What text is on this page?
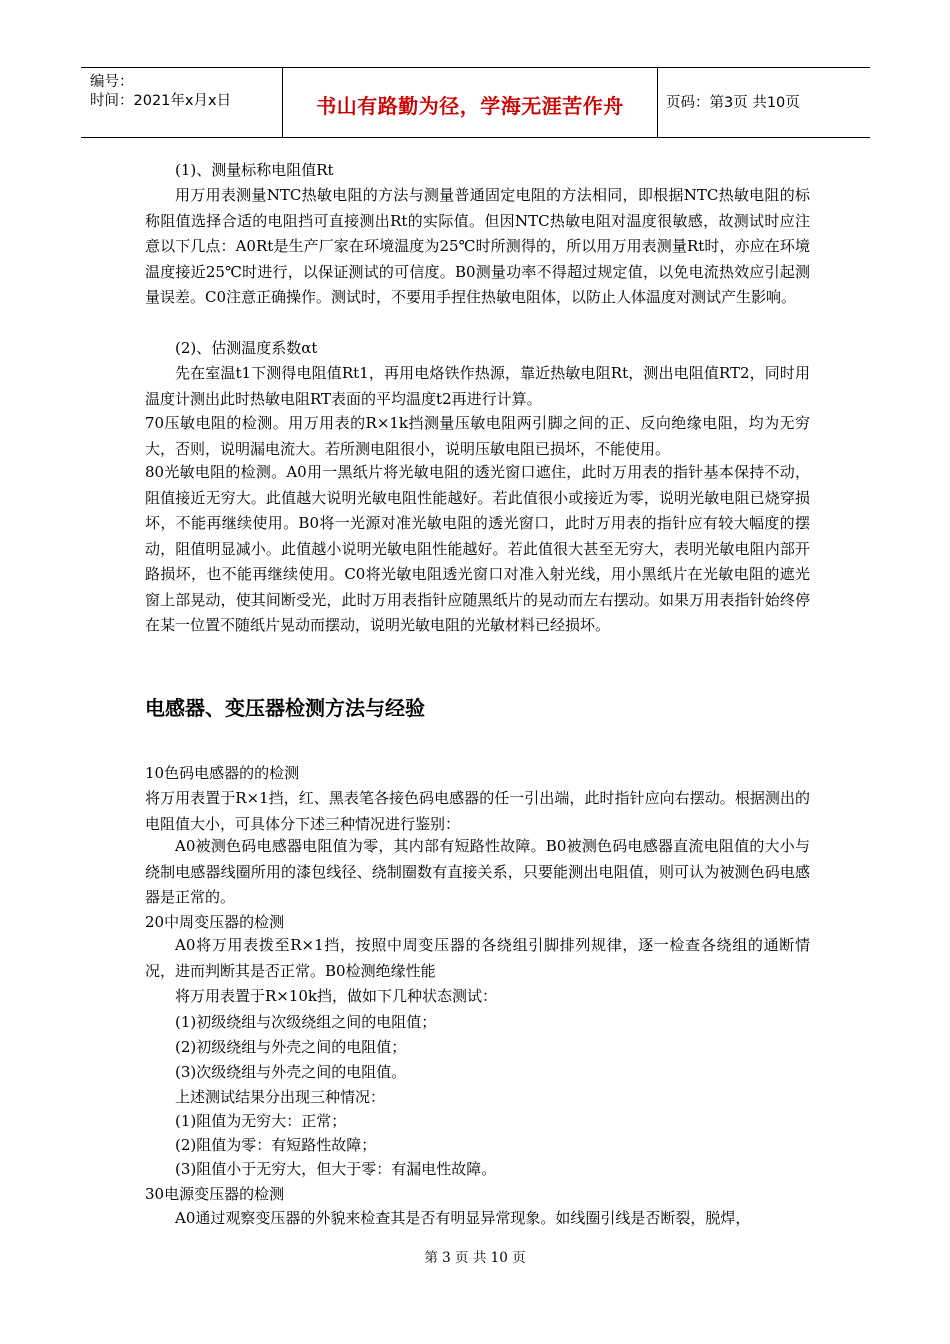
编号：
时间：2021年x月x日	书山有路勤为径，学海无涯苦作舟	页码：第3页 共10页

(1)、测量标称电阻值Rt

用万用表测量NTC热敏电阻的方法与测量普通固定电阻的方法相同，即根据NTC热敏电阻的标称阻值选择合适的电阻挡可直接测出Rt的实际值。但因NTC热敏电阻对温度很敏感，故测试时应注意以下几点：A0Rt是生产厂家在环境温度为25℃时所测得的，所以用万用表测量Rt时，亦应在环境温度接近25℃时进行，以保证测试的可信度。B0测量功率不得超过规定值，以免电流热效应引起测量误差。C0注意正确操作。测试时，不要用手捏住热敏电阻体，以防止人体温度对测试产生影响。

(2)、估测温度系数αt

先在室温t1下测得电阻值Rt1，再用电烙铁作热源，靠近热敏电阻Rt，测出电阻值RT2，同时用温度计测出此时热敏电阻RT表面的平均温度t2再进行计算。

70压敏电阻的检测。用万用表的R×1k挡测量压敏电阻两引脚之间的正、反向绝缘电阻，均为无穷大，否则，说明漏电流大。若所测电阻很小，说明压敏电阻已损坏，不能使用。

80光敏电阻的检测。A0用一黑纸片将光敏电阻的透光窗口遮住，此时万用表的指针基本保持不动，阻值接近无穷大。此值越大说明光敏电阻性能越好。若此值很小或接近为零，说明光敏电阻已烧穿损坏，不能再继续使用。B0将一光源对准光敏电阻的透光窗口，此时万用表的指针应有较大幅度的摆动，阻值明显减小。此值越小说明光敏电阻性能越好。若此值很大甚至无穷大，表明光敏电阻内部开路损坏，也不能再继续使用。C0将光敏电阻透光窗口对准入射光线，用小黑纸片在光敏电阻的遮光窗上部晃动，使其间断受光，此时万用表指针应随黑纸片的晃动而左右摆动。如果万用表指针始终停在某一位置不随纸片晃动而摆动，说明光敏电阻的光敏材料已经损坏。

电感器、变压器检测方法与经验

10色码电感器的的检测

将万用表置于R×1挡，红、黑表笔各接色码电感器的任一引出端，此时指针应向右摆动。根据测出的电阻值大小，可具体分下述三种情况进行鉴别：

A0被测色码电感器电阻值为零，其内部有短路性故障。B0被测色码电感器直流电阻值的大小与绕制电感器线圈所用的漆包线径、绕制圈数有直接关系，只要能测出电阻值，则可认为被测色码电感器是正常的。

20中周变压器的检测

A0将万用表拨至R×1挡，按照中周变压器的各绕组引脚排列规律，逐一检查各绕组的通断情况，进而判断其是否正常。B0检测绝缘性能

将万用表置于R×10k挡，做如下几种状态测试：

(1)初级绕组与次级绕组之间的电阻值；

(2)初级绕组与外壳之间的电阻值；

(3)次级绕组与外壳之间的电阻值。

上述测试结果分出现三种情况：

(1)阻值为无穷大：正常；

(2)阻值为零：有短路性故障；

(3)阻值小于无穷大，但大于零：有漏电性故障。

30电源变压器的检测

A0通过观察变压器的外貌来检查其是否有明显异常现象。如线圈引线是否断裂，脱焊，

第 3 页 共 10 页
